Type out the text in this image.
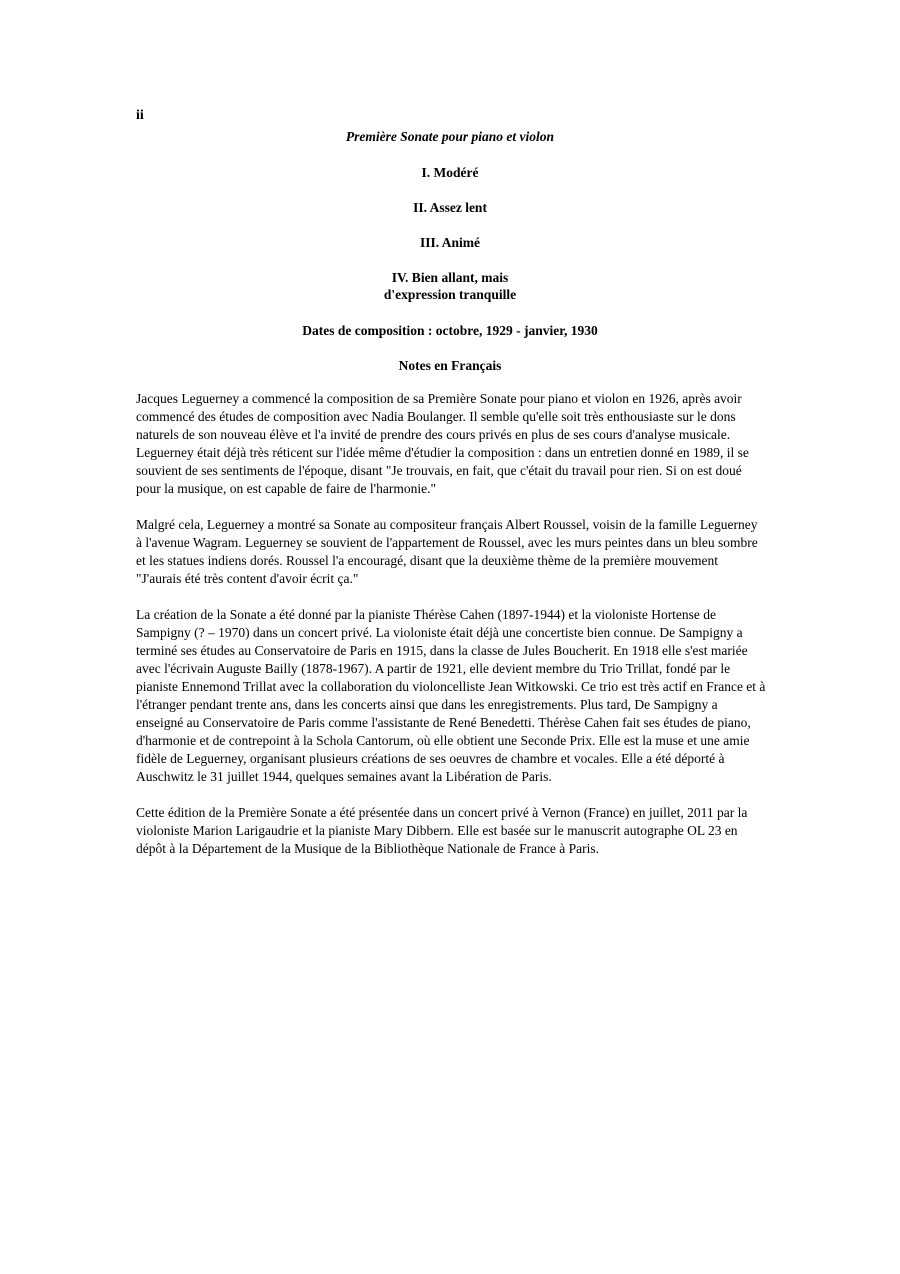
ii
Première Sonate pour piano et violon
I. Modéré
II. Assez lent
III. Animé
IV. Bien allant, mais
d'expression tranquille
Dates de composition : octobre, 1929 - janvier, 1930
Notes en Français

Jacques Leguerney a commencé la composition de sa Première Sonate pour piano et violon en 1926, après avoir commencé des études de composition avec Nadia Boulanger. Il semble qu'elle soit très enthousiaste sur le dons naturels de son nouveau élève et l'a invité de prendre des cours privés en plus de ses cours d'analyse musicale. Leguerney était déjà très réticent sur l'idée même d'étudier la composition : dans un entretien donné en 1989, il se souvient de ses sentiments de l'époque, disant "Je trouvais, en fait, que c'était du travail pour rien. Si on est doué pour la musique, on est capable de faire de l'harmonie."

Malgré cela, Leguerney a montré sa Sonate au compositeur français Albert Roussel, voisin de la famille Leguerney à l'avenue Wagram. Leguerney se souvient de l'appartement de Roussel, avec les murs peintes dans un bleu sombre et les statues indiens dorés. Roussel l'a encouragé, disant que la deuxième thème de la première mouvement "J'aurais été très content d'avoir écrit ça."

La création de la Sonate a été donné par la pianiste Thérèse Cahen (1897-1944) et la violoniste Hortense de Sampigny (? – 1970) dans un concert privé. La violoniste était déjà une concertiste bien connue. De Sampigny a terminé ses études au Conservatoire de Paris en 1915, dans la classe de Jules Boucherit. En 1918 elle s'est mariée avec l'écrivain Auguste Bailly (1878-1967). A partir de 1921, elle devient membre du Trio Trillat, fondé par le pianiste Ennemond Trillat avec la collaboration du violoncelliste Jean Witkowski. Ce trio est très actif en France et à l'étranger pendant trente ans, dans les concerts ainsi que dans les enregistrements. Plus tard, De Sampigny a enseigné au Conservatoire de Paris comme l'assistante de René Benedetti. Thérèse Cahen fait ses études de piano, d'harmonie et de contrepoint à la Schola Cantorum, où elle obtient une Seconde Prix. Elle est la muse et une amie fidèle de Leguerney, organisant plusieurs créations de ses oeuvres de chambre et vocales. Elle a été déporté à Auschwitz le 31 juillet 1944, quelques semaines avant la Libération de Paris.

Cette édition de la Première Sonate a été présentée dans un concert privé à Vernon (France) en juillet, 2011 par la violoniste Marion Larigaudrie et la pianiste Mary Dibbern. Elle est basée sur le manuscrit autographe OL 23 en dépôt à la Département de la Musique de la Bibliothèque Nationale de France à Paris.
